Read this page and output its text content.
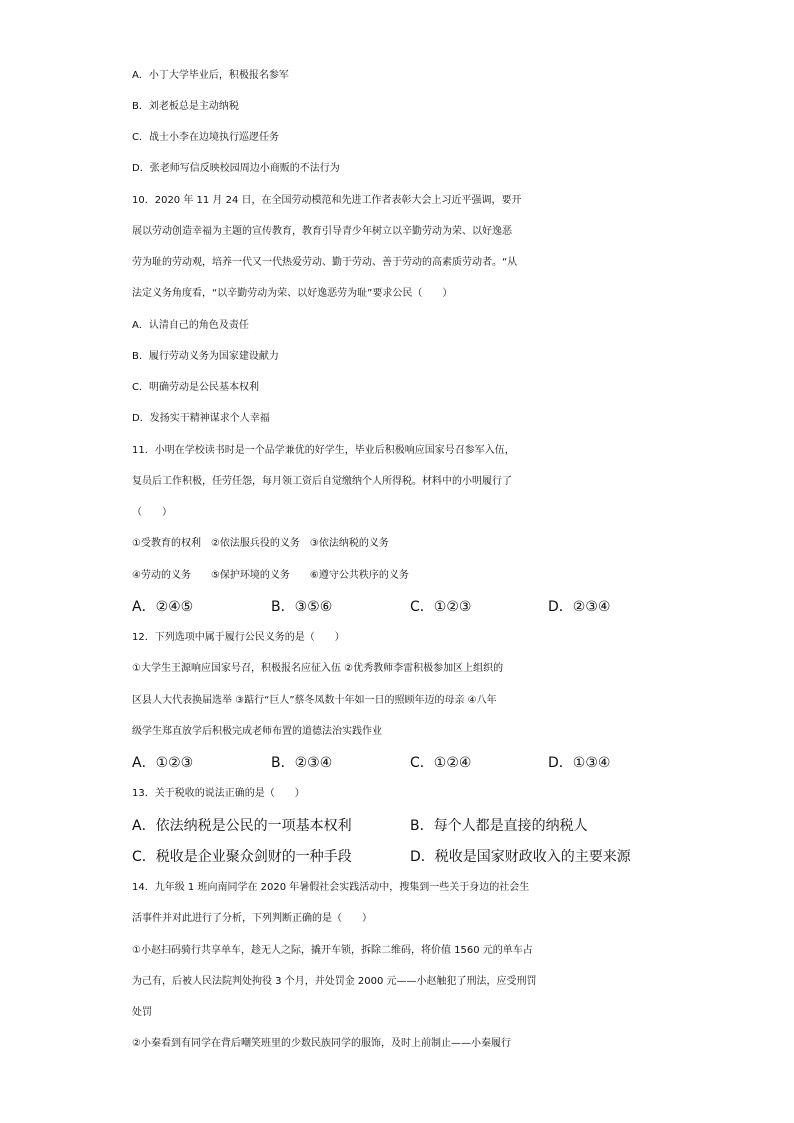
A．小丁大学毕业后，积极报名参军
B．刘老板总是主动纳税
C．战士小李在边境执行巡逻任务
D．张老师写信反映校园周边小商贩的不法行为
10．2020 年 11 月 24 日，在全国劳动模范和先进工作者表彰大会上习近平强调，要开
展以劳动创造幸福为主题的宣传教育，教育引导青少年树立以辛勤劳动为荣、以好逸恶
劳为耻的劳动观，培养一代又一代热爱劳动、勤于劳动、善于劳动的高素质劳动者。“从
法定义务角度看，“以辛勤劳动为荣、以好逸恶劳为耻”要求公民（　　）
A．认清自己的角色及责任
B．履行劳动义务为国家建设献力
C．明确劳动是公民基本权利
D．发扬实干精神谋求个人幸福
11．小明在学校读书时是一个品学兼优的好学生，毕业后积极响应国家号召参军入伍，
复员后工作积极，任劳任怨，每月领工资后自觉缴纳个人所得税。材料中的小明履行了
（　　）
①受教育的权利　②依法服兵役的义务　③依法纳税的义务
④劳动的义务　　⑤保护环境的义务　　⑥遵守公共秩序的义务
A．②④⑤	B．③⑤⑥	C．①②③	D．②③④
12．下列选项中属于履行公民义务的是（　　）
①大学生王源响应国家号召，积极报名应征入伍 ②优秀教师李雷积极参加区上组织的
区县人大代表换届选举 ③踮行“巨人”蔡冬凤数十年如一日的照顾年迈的母亲 ④八年
级学生郑直放学后积极完成老师布置的道德法治实践作业
A．①②③	B．②③④	C．①②④	D．①③④
13．关于税收的说法正确的是（　　）
A．依法纳税是公民的一项基本权利	B．每个人都是直接的纳税人
C．税收是企业聚众剑财的一种手段	D．税收是国家财政收入的主要来源
14．九年级 1 班向南同学在 2020 年暑假社会实践活动中，搜集到一些关于身边的社会生
活事件并对此进行了分析，下列判断正确的是（　　）
①小赵扫码骑行共享单车，趁无人之际，撬开车锁，拆除二维码，将价值 1560 元的单车占
为己有，后被人民法院判处拘役 3 个月，并处罚金 2000 元——小赵触犯了刑法，应受刑罚
处罚
②小秦看到有同学在背后嘲笑班里的少数民族同学的服饰，及时上前制止——小秦履行
